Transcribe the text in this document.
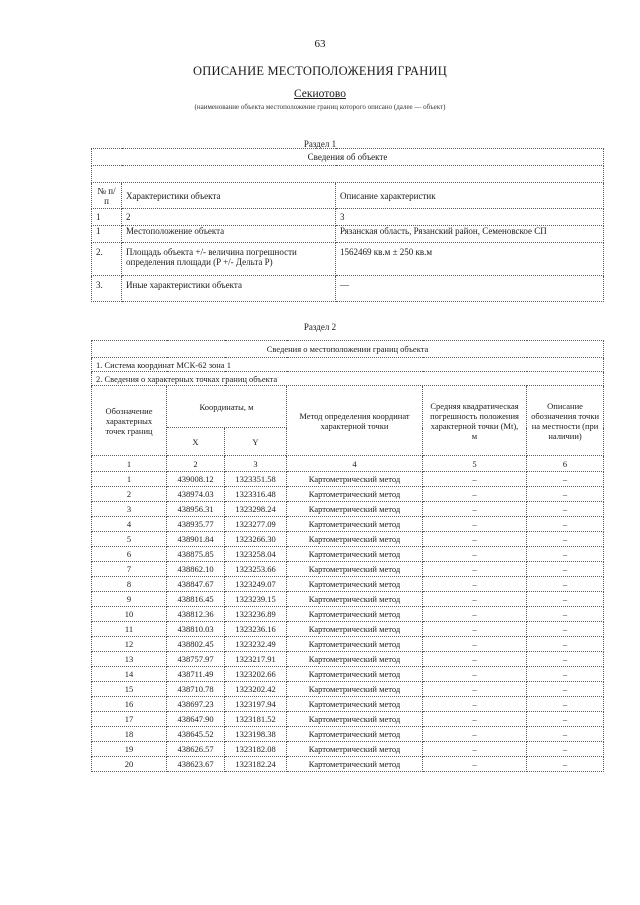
63
ОПИСАНИЕ МЕСТОПОЛОЖЕНИЯ ГРАНИЦ
Секиотово
(наименование объекта местоположение границ которого описано (далее — объект)
Раздел 1
Сведения об объекте		

№ п/п	Характеристики объекта	Описание характеристик
1	2	3
1	Местоположение объекта	Рязанская область, Рязанский район, Семеновское СП
2.	Площадь объекта +/- величина погрешности определения площади (P +/- Дельта P)	1562469 кв.м ± 250 кв.м
3.	Иные характеристики объекта	—
Раздел 2
Сведения о местоположении границ объекта					
1. Система координат МСК-62 зона 1					
2. Сведения о характерных точках границ объекта					
Обозначение характерных точек границ	Координаты, м		Метод определения координат характерной точки	Средняя квадратическая погрешность положения характерной точки (Mt), м	Описание обозначения точки на местности (при наличии)
	X	Y			
1	2	3	4	5	6
1	439008.12	1323351.58	Картометрический метод	–	–
2	438974.03	1323316.48	Картометрический метод	–	–
3	438956.31	1323298.24	Картометрический метод	–	–
4	438935.77	1323277.09	Картометрический метод	–	–
5	438901.84	1323266.30	Картометрический метод	–	–
6	438875.85	1323258.04	Картометрический метод	–	–
7	438862.10	1323253.66	Картометрический метод	–	–
8	438847.67	1323249.07	Картометрический метод	–	–
9	438816.45	1323239.15	Картометрический метод	–	–
10	438812.36	1323236.89	Картометрический метод	–	–
11	438810.03	1323236.16	Картометрический метод	–	–
12	438802.45	1323232.49	Картометрический метод	–	–
13	438757.97	1323217.91	Картометрический метод	–	–
14	438711.49	1323202.66	Картометрический метод	–	–
15	438710.78	1323202.42	Картометрический метод	–	–
16	438697.23	1323197.94	Картометрический метод	–	–
17	438647.90	1323181.52	Картометрический метод	–	–
18	438645.52	1323198.38	Картометрический метод	–	–
19	438626.57	1323182.08	Картометрический метод	–	–
20	438623.67	1323182.24	Картометрический метод	–	–
